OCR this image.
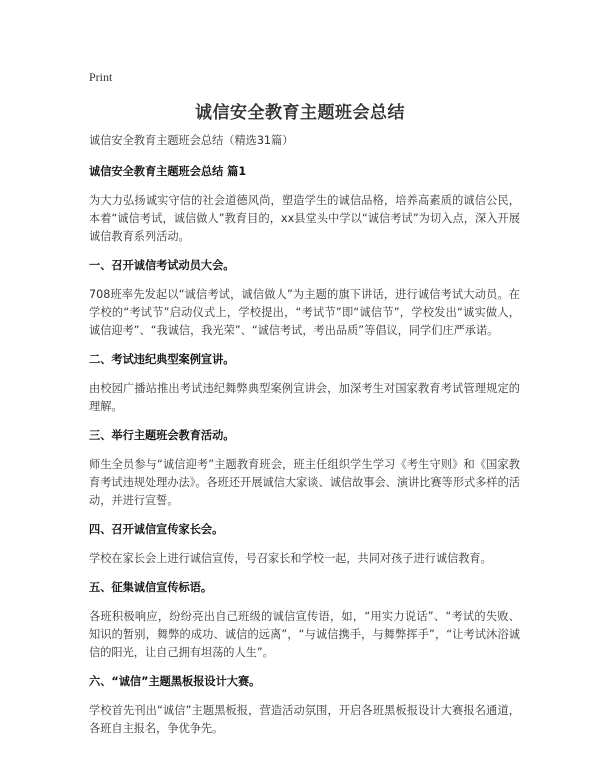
Print
诚信安全教育主题班会总结
诚信安全教育主题班会总结（精选31篇）
诚信安全教育主题班会总结 篇1
为大力弘扬诚实守信的社会道德风尚，塑造学生的诚信品格，培养高素质的诚信公民，本着“诚信考试，诚信做人”教育目的，xx县堂头中学以“诚信考试”为切入点，深入开展诚信教育系列活动。
一、召开诚信考试动员大会。
708班率先发起以“诚信考试，诚信做人”为主题的旗下讲话，进行诚信考试大动员。在学校的“考试节”启动仪式上，学校提出，“考试节”即“诚信节”，学校发出“诚实做人，诚信迎考”、“我诚信，我光荣”、“诚信考试，考出品质”等倡议，同学们庄严承诺。
二、考试违纪典型案例宣讲。
由校园广播站推出考试违纪舞弊典型案例宣讲会，加深考生对国家教育考试管理规定的理解。
三、举行主题班会教育活动。
师生全员参与“诚信迎考”主题教育班会，班主任组织学生学习《考生守则》和《国家教育考试违规处理办法》。各班还开展诚信大家谈、诚信故事会、演讲比赛等形式多样的活动，并进行宣誓。
四、召开诚信宣传家长会。
学校在家长会上进行诚信宣传，号召家长和学校一起，共同对孩子进行诚信教育。
五、征集诚信宣传标语。
各班积极响应，纷纷亮出自己班级的诚信宣传语，如，“用实力说话”、“考试的失败、知识的暂别，舞弊的成功、诚信的远离”，“与诚信携手，与舞弊挥手”，“让考试沐浴诚信的阳光，让自己拥有坦荡的人生”。
六、“诚信”主题黑板报设计大赛。
学校首先刊出“诚信”主题黑板报，营造活动氛围，开启各班黑板报设计大赛报名通道，各班自主报名，争优争先。
